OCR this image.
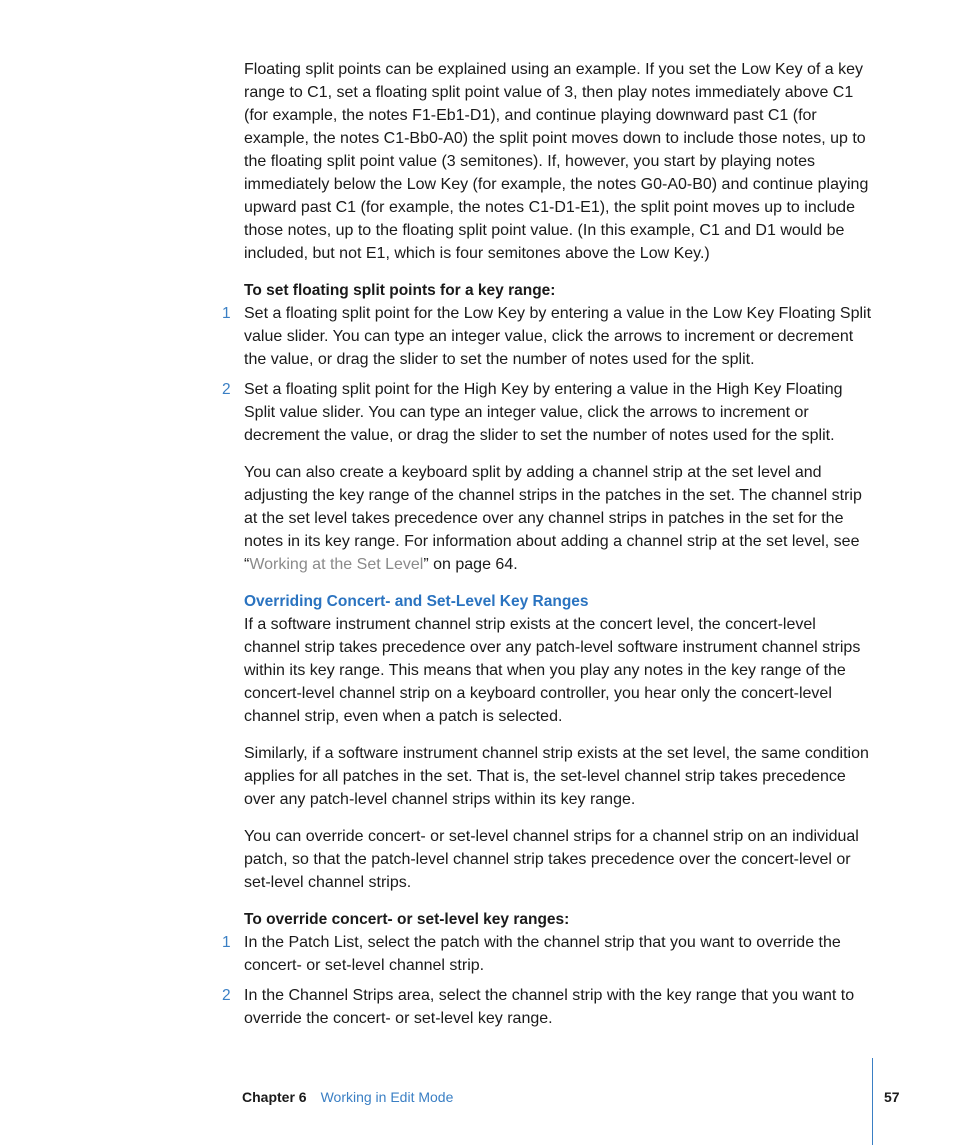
Floating split points can be explained using an example. If you set the Low Key of a key range to C1, set a floating split point value of 3, then play notes immediately above C1 (for example, the notes F1-Eb1-D1), and continue playing downward past C1 (for example, the notes C1-Bb0-A0) the split point moves down to include those notes, up to the floating split point value (3 semitones). If, however, you start by playing notes immediately below the Low Key (for example, the notes G0-A0-B0) and continue playing upward past C1 (for example, the notes C1-D1-E1), the split point moves up to include those notes, up to the floating split point value. (In this example, C1 and D1 would be included, but not E1, which is four semitones above the Low Key.)

To set floating split points for a key range:

1 Set a floating split point for the Low Key by entering a value in the Low Key Floating Split value slider. You can type an integer value, click the arrows to increment or decrement the value, or drag the slider to set the number of notes used for the split.
2 Set a floating split point for the High Key by entering a value in the High Key Floating Split value slider. You can type an integer value, click the arrows to increment or decrement the value, or drag the slider to set the number of notes used for the split.

You can also create a keyboard split by adding a channel strip at the set level and adjusting the key range of the channel strips in the patches in the set. The channel strip at the set level takes precedence over any channel strips in patches in the set for the notes in its key range. For information about adding a channel strip at the set level, see “Working at the Set Level” on page 64.

Overriding Concert- and Set-Level Key Ranges

If a software instrument channel strip exists at the concert level, the concert-level channel strip takes precedence over any patch-level software instrument channel strips within its key range. This means that when you play any notes in the key range of the concert-level channel strip on a keyboard controller, you hear only the concert-level channel strip, even when a patch is selected.

Similarly, if a software instrument channel strip exists at the set level, the same condition applies for all patches in the set. That is, the set-level channel strip takes precedence over any patch-level channel strips within its key range.

You can override concert- or set-level channel strips for a channel strip on an individual patch, so that the patch-level channel strip takes precedence over the concert-level or set-level channel strips.

To override concert- or set-level key ranges:

1 In the Patch List, select the patch with the channel strip that you want to override the concert- or set-level channel strip.
2 In the Channel Strips area, select the channel strip with the key range that you want to override the concert- or set-level key range.
Chapter 6 Working in Edit Mode	57
